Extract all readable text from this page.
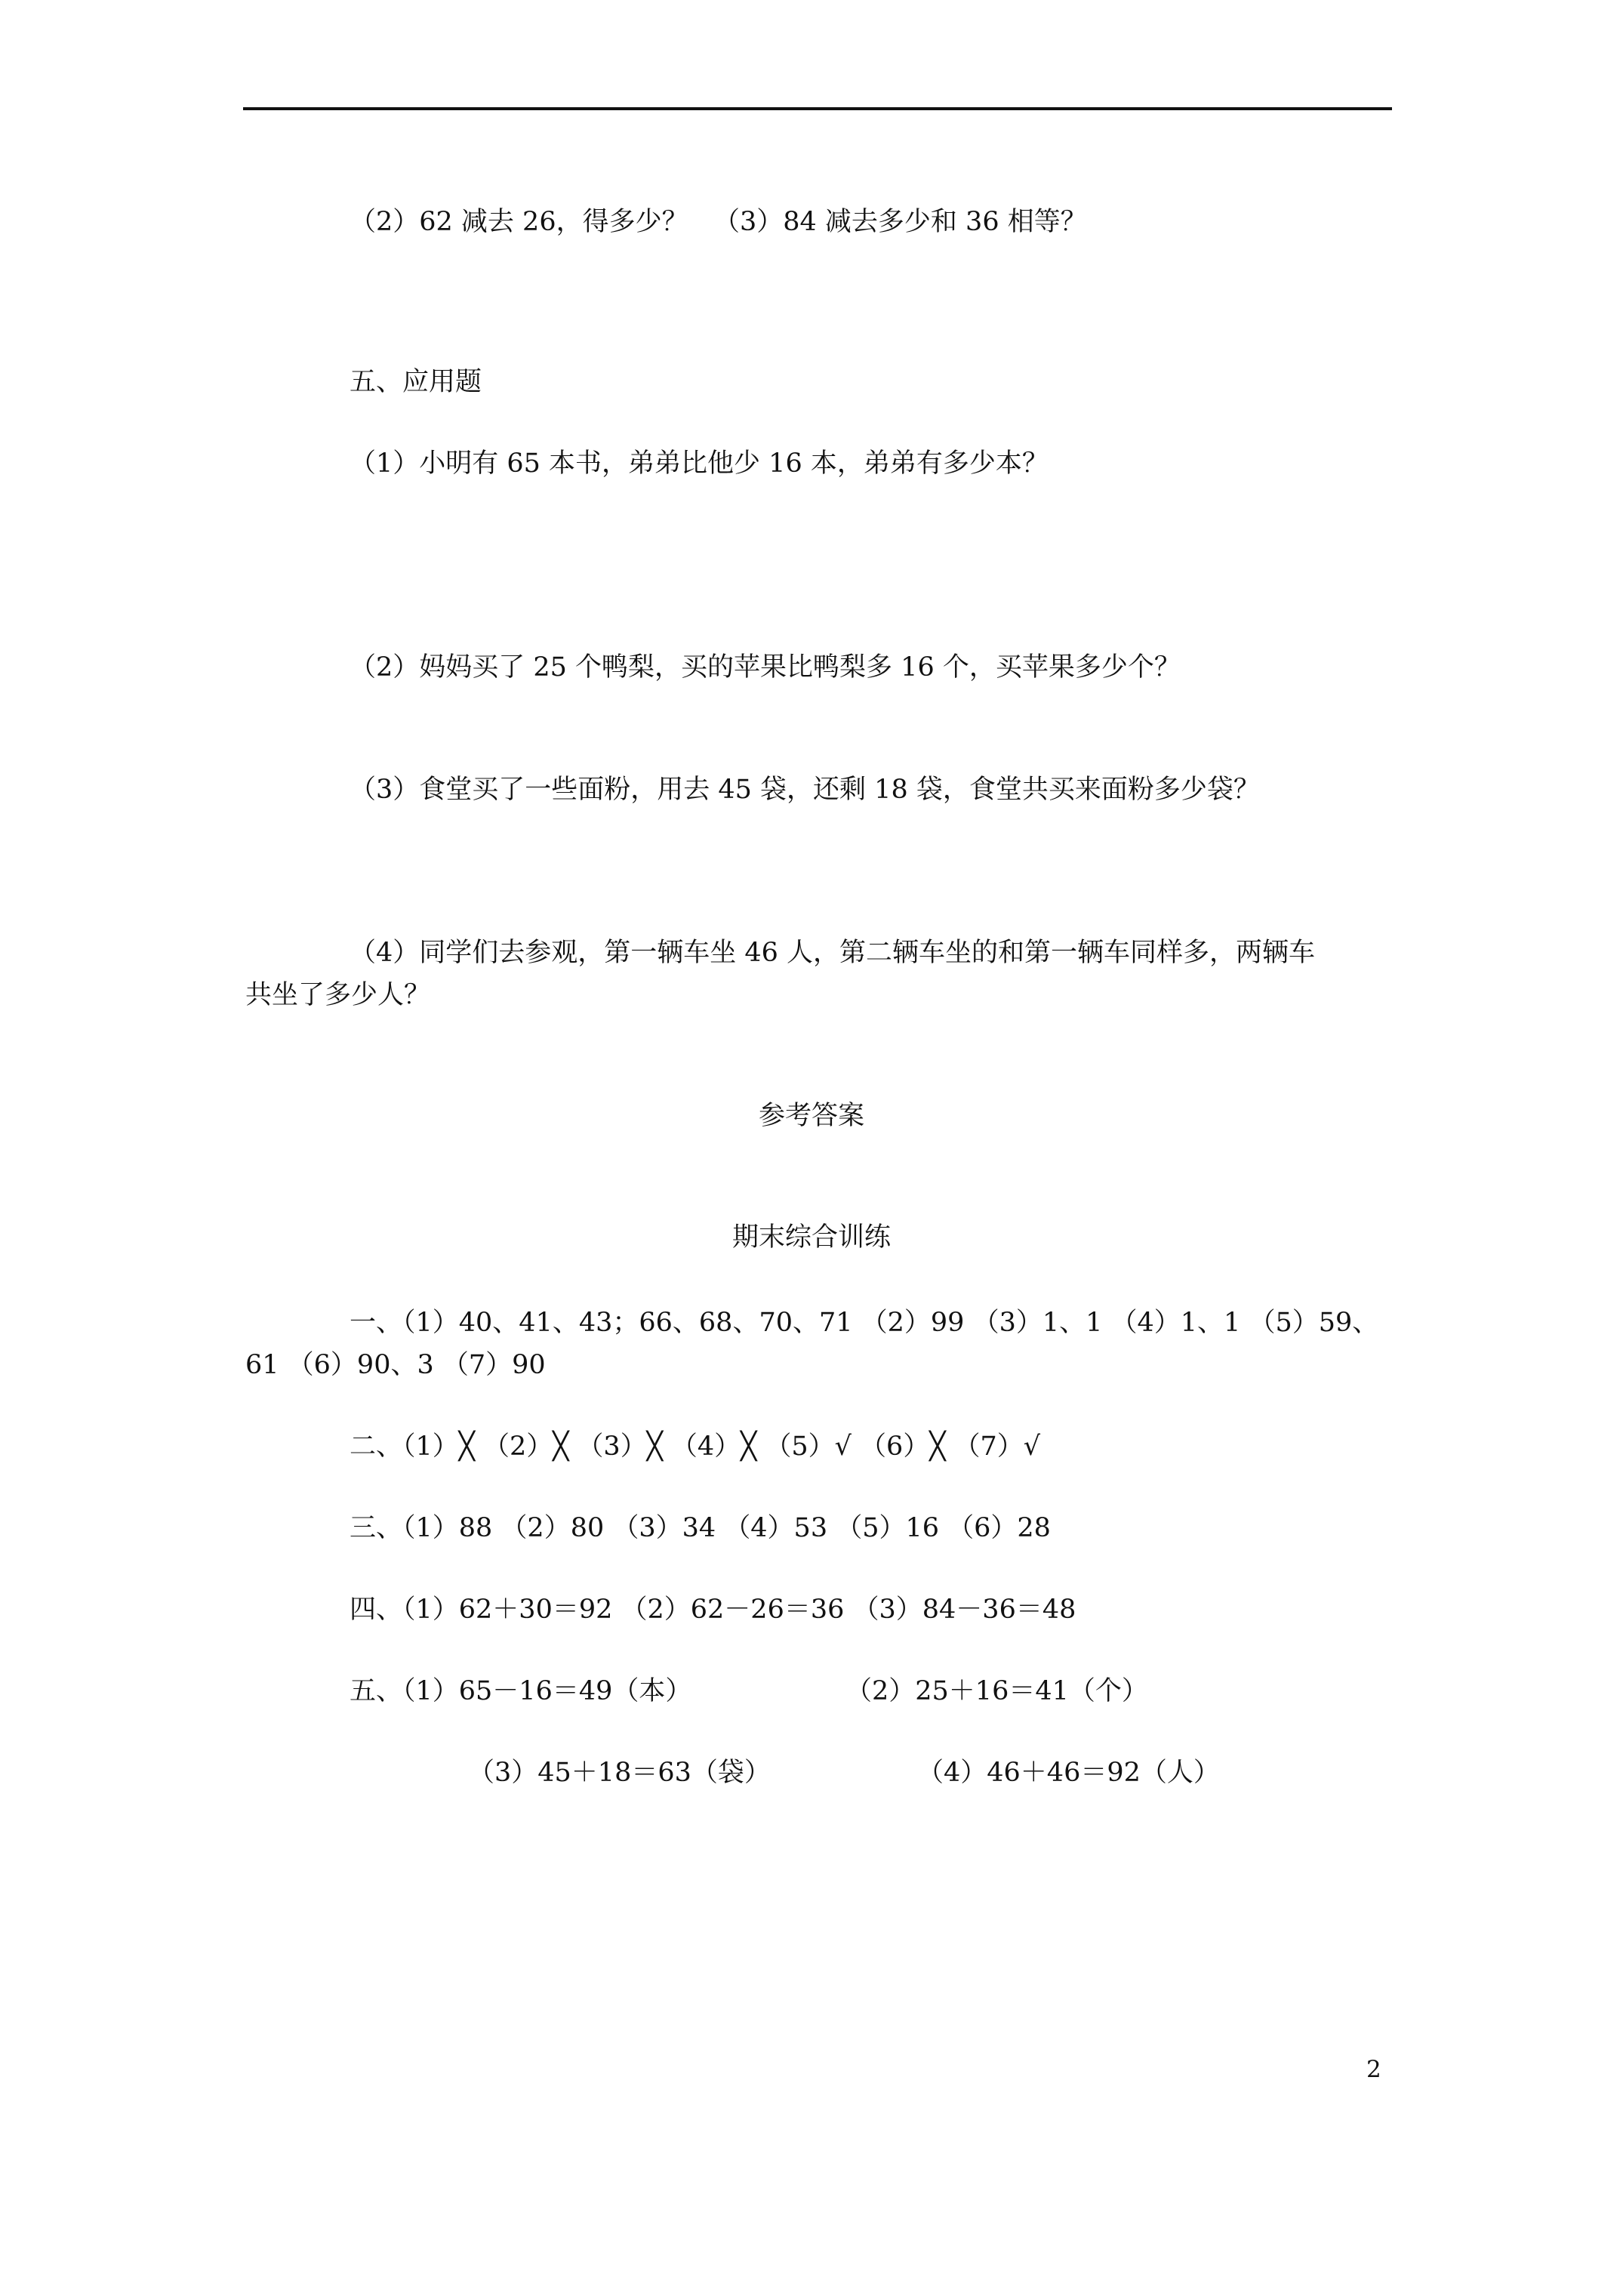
（2）62 减去 26，得多少？ （3）84 减去多少和 36 相等？
五、应用题
（1）小明有 65 本书，弟弟比他少 16 本，弟弟有多少本？
（2）妈妈买了 25 个鸭梨，买的苹果比鸭梨多 16 个，买苹果多少个？
（3）食堂买了一些面粉，用去 45 袋，还剩 18 袋，食堂共买来面粉多少袋？
（4）同学们去参观，第一辆车坐 46 人，第二辆车坐的和第一辆车同样多，两辆车
共坐了多少人？
参考答案
期末综合训练
一、（1）40、41、43；66、68、70、71 （2）99 （3）1、1 （4）1、1 （5）59、
61 （6）90、3 （7）90
二、（1）╳ （2）╳ （3）╳ （4）╳ （5）√ （6）╳ （7）√
三、（1）88 （2）80 （3）34 （4）53 （5）16 （6）28
四、（1）62＋30＝92 （2）62－26＝36 （3）84－36＝48
五、（1）65－16＝49（本）	（2）25＋16＝41（个）
（3）45＋18＝63（袋）	（4）46＋46＝92（人）
2
